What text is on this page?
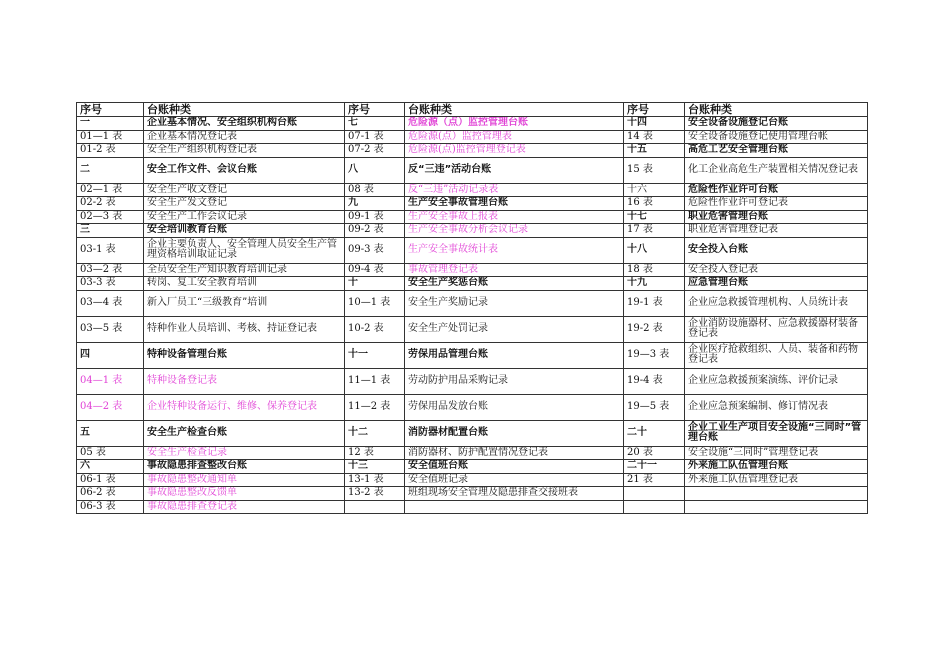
序号	台账种类	序号	台账种类	序号	台账种类
一	企业基本情况、安全组织机构台账	七	危险源（点）监控管理台账	十四	安全设备设施登记台账
01—1 表	企业基本情况登记表	07-1 表	危险源(点）监控管理表	14 表	安全设备设施登记使用管理台帐
01-2 表	安全生产组织机构登记表	07-2 表	危险源(点)监控管理登记表	十五	高危工艺安全管理台账
二	安全工作文件、会议台账	八	反“三违”活动台账	15 表	化工企业高危生产装置相关情况登记表
02—1 表	安全生产收文登记	08 表	反“三违”活动记录表	十六	危险性作业许可台账
02-2 表	安全生产发文登记	九	生产安全事故管理台账	16 表	危险性作业许可登记表
02—3 表	安全生产工作会议记录	09-1 表	生产安全事故上报表	十七	职业危害管理台账
三	安全培训教育台账	09-2 表	生产安全事故分析会议记录	17 表	职业危害管理登记表
03-1 表	企业主要负责人、安全管理人员安全生产管理资格培训取证记录	09-3 表	生产安全事故统计表	十八	安全投入台账
03—2 表	全员安全生产知识教育培训记录	09-4 表	事故管理登记表	18 表	安全投入登记表
03-3 表	转岗、复工安全教育培训	十	安全生产奖惩台账	十九	应急管理台账
03—4 表	新入厂员工“三级教育”培训	10—1 表	安全生产奖励记录	19-1 表	企业应急救援管理机构、人员统计表
03—5 表	特种作业人员培训、考核、持证登记表	10-2 表	安全生产处罚记录	19-2 表	企业消防设施器材、应急救援器材装备登记表
四	特种设备管理台账	十一	劳保用品管理台账	19—3 表	企业医疗抢救组织、人员、装备和药物登记表
04—1 表	特种设备登记表	11—1 表	劳动防护用品采购记录	19-4 表	企业应急救援预案演练、评价记录
04—2 表	企业特种设备运行、维修、保养登记表	11—2 表	劳保用品发放台账	19—5 表	企业应急预案编制、修订情况表
五	安全生产检查台账	十二	消防器材配置台账	二十	企业工业生产项目安全设施“三同时”管理台账
05 表	安全生产检查记录	12 表	消防器材、防护配置情况登记表	20 表	安全设施“三同时”管理登记表
六	事故隐患排查整改台账	十三	安全值班台账	二十一	外来施工队伍管理台账
06-1 表	事故隐患整改通知单	13-1 表	安全值班记录	21 表	外来施工队伍管理登记表
06-2 表	事故隐患整改反馈单	13-2 表	班组现场安全管理及隐患排查交接班表		
06-3 表	事故隐患排查登记表				
